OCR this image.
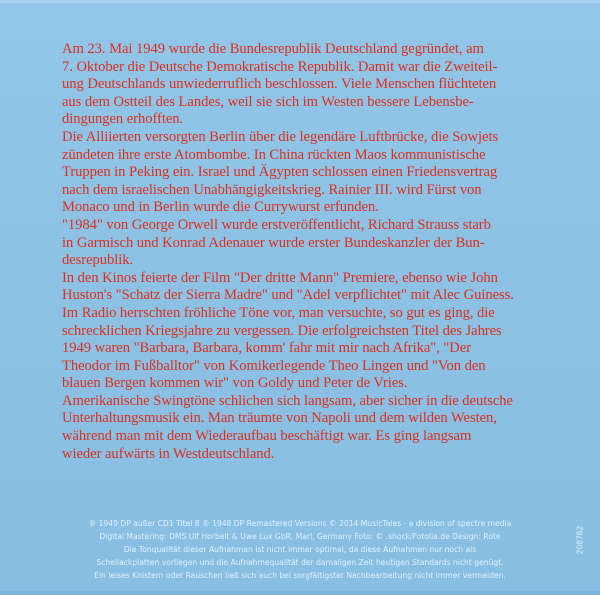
Am 23. Mai 1949 wurde die Bundesrepublik Deutschland gegründet, am
7. Oktober die Deutsche Demokratische Republik. Damit war die Zweiteil-
ung Deutschlands unwiederruflich beschlossen. Viele Menschen flüchteten
aus dem Ostteil des Landes, weil sie sich im Westen bessere Lebensbe-
dingungen erhofften.

Die Alliierten versorgten Berlin über die legendäre Luftbrücke, die Sowjets
zündeten ihre erste Atombombe. In China rückten Maos kommunistische
Truppen in Peking ein. Israel und Ägypten schlossen einen Friedensvertrag
nach dem israelischen Unabhängigkeitskrieg. Rainier III. wird Fürst von
Monaco und in Berlin wurde die Currywurst erfunden.

"1984" von George Orwell wurde erstveröffentlicht, Richard Strauss starb
in Garmisch und Konrad Adenauer wurde erster Bundeskanzler der Bun-
desrepublik.

In den Kinos feierte der Film "Der dritte Mann" Premiere, ebenso wie John
Huston's "Schatz der Sierra Madre" und "Adel verpflichtet" mit Alec Guiness.

Im Radio herrschten fröhliche Töne vor, man versuchte, so gut es ging, die
schrecklichen Kriegsjahre zu vergessen. Die erfolgreichsten Titel des Jahres
1949 waren "Barbara, Barbara, komm' fahr mit mir nach Afrika", "Der
Theodor im Fußballtor" von Komikerlegende Theo Lingen und "Von den
blauen Bergen kommen wir" von Goldy und Peter de Vries.

Amerikanische Swingtöne schlichen sich langsam, aber sicher in die deutsche
Unterhaltungsmusik ein. Man träumte von Napoli und dem wilden Westen,
während man mit dem Wiederaufbau beschäftigt war. Es ging langsam
wieder aufwärts in Westdeutschland.

® 1949 DP außer CD1 Titel 8 ® 1948 DP Remastered Versions © 2014 MusicTales - a division of spectre media
Digital Mastering: DMS Ulf Horbelt & Uwe Lux GbR, Marl, Germany Foto: © .shock/Fotolia.de Design: Rote
Die Tonqualität dieser Aufnahmen ist nicht immer optimal, da diese Aufnahmen nur noch als
Schellackplatten vorliegen und die Aufnahmequalität der damaligen Zeit heutigen Standards nicht genügt.
Ein leises Knistern oder Rauschen ließ sich auch bei sorgfältigster Nachbearbeitung nicht immer vermeiden.
208762
